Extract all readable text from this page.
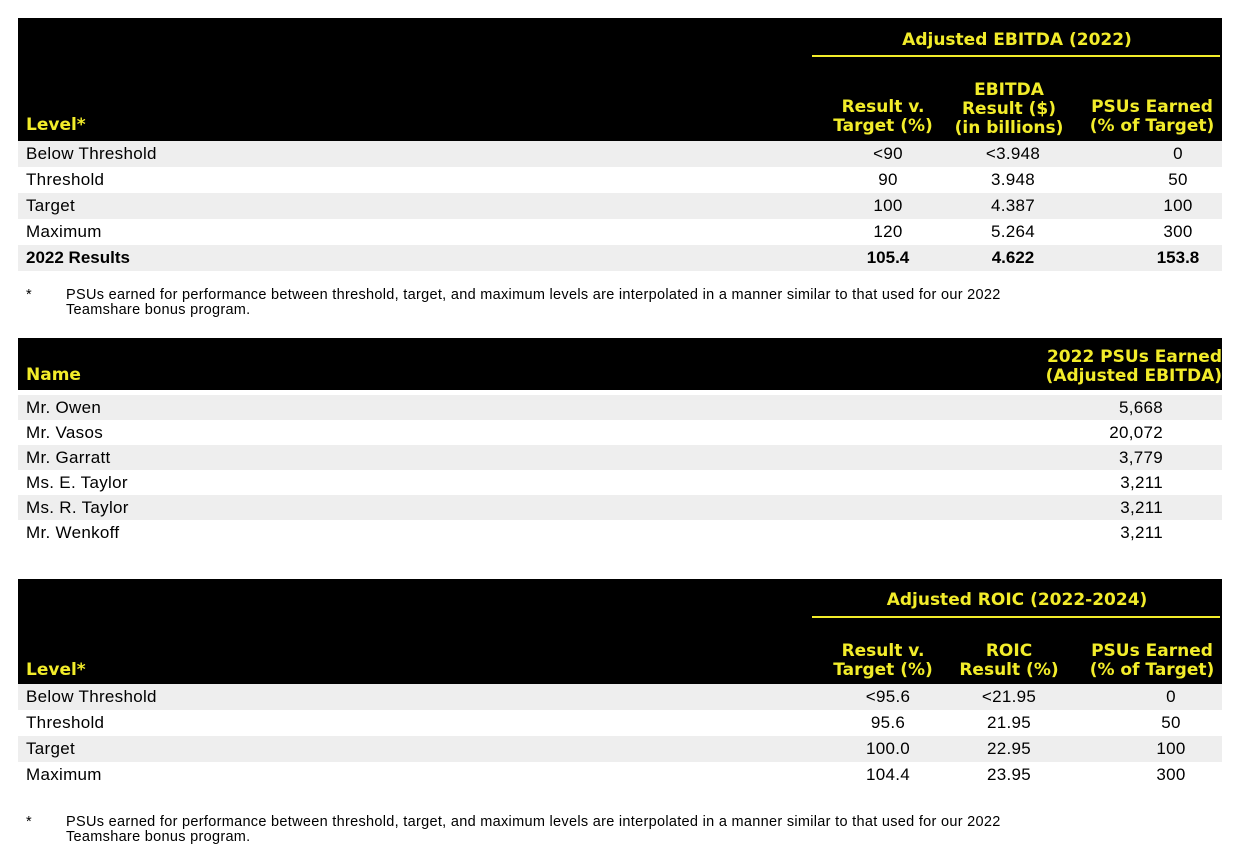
Adjusted EBITDA (2022)
Level*
Result v.
Target (%)
EBITDA
Result ($)
(in billions)
PSUs Earned
(% of Target)
Below Threshold	<90	<3.948	0
Threshold	90	3.948	50
Target	100	4.387	100
Maximum	120	5.264	300
2022 Results	105.4	4.622	153.8
* PSUs earned for performance between threshold, target, and maximum levels are interpolated in a manner similar to that used for our 2022
Teamshare bonus program.
Name
2022 PSUs Earned
(Adjusted EBITDA)
Mr. Owen	5,668
Mr. Vasos	20,072
Mr. Garratt	3,779
Ms. E. Taylor	3,211
Ms. R. Taylor	3,211
Mr. Wenkoff	3,211
Adjusted ROIC (2022-2024)
Level*
Result v.
Target (%)
ROIC
Result (%)
PSUs Earned
(% of Target)
Below Threshold	<95.6	<21.95	0
Threshold	95.6	21.95	50
Target	100.0	22.95	100
Maximum	104.4	23.95	300
* PSUs earned for performance between threshold, target, and maximum levels are interpolated in a manner similar to that used for our 2022
Teamshare bonus program.
